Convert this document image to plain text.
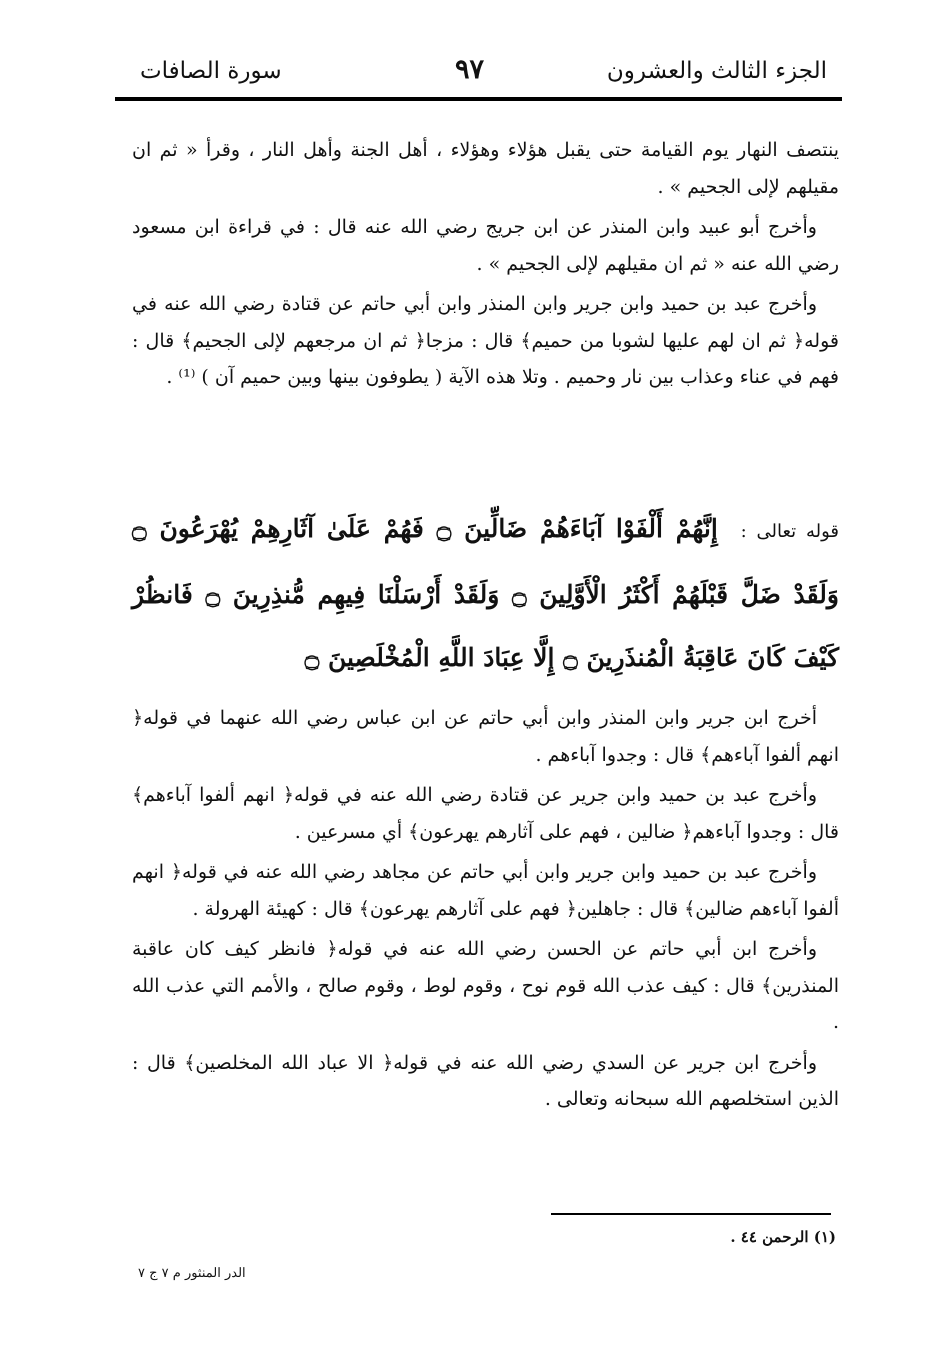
الجزء الثالث والعشرون
٩٧
سورة الصافات

ينتصف النهار يوم القيامة حتى يقبل هؤلاء وهؤلاء ، أهل الجنة وأهل النار ، وقرأ « ثم ان مقيلهم لإلى الجحيم » .

وأخرج أبو عبيد وابن المنذر عن ابن جريج رضي الله عنه قال : في قراءة ابن مسعود رضي الله عنه « ثم ان مقيلهم لإلى الجحيم » .

وأخرج عبد بن حميد وابن جرير وابن المنذر وابن أبي حاتم عن قتادة رضي الله عنه في قوله﴿ ثم ان لهم عليها لشوبا من حميم﴾ قال : مزجا﴿ ثم ان مرجعهم لإلى الجحيم﴾ قال : فهم في عناء وعذاب بين نار وحميم . وتلا هذه الآية ( يطوفون بينها وبين حميم آن ) ⁽¹⁾ .

قوله تعالى : إِنَّهُمْ أَلْفَوْا آبَاءَهُمْ ضَالِّينَ ۝ فَهُمْ عَلَىٰ آثَارِهِمْ يُهْرَعُونَ ۝ وَلَقَدْ ضَلَّ قَبْلَهُمْ أَكْثَرُ الْأَوَّلِينَ ۝ وَلَقَدْ أَرْسَلْنَا فِيهِم مُّنذِرِينَ ۝ فَانظُرْ كَيْفَ كَانَ عَاقِبَةُ الْمُنذَرِينَ ۝ إِلَّا عِبَادَ اللَّهِ الْمُخْلَصِينَ ۝

أخرج ابن جرير وابن المنذر وابن أبي حاتم عن ابن عباس رضي الله عنهما في قوله﴿ انهم ألفوا آباءهم﴾ قال : وجدوا آباءهم .

وأخرج عبد بن حميد وابن جرير عن قتادة رضي الله عنه في قوله﴿ انهم ألفوا آباءهم﴾ قال : وجدوا آباءهم﴿ ضالين ، فهم على آثارهم يهرعون﴾ أي مسرعين .

وأخرج عبد بن حميد وابن جرير وابن أبي حاتم عن مجاهد رضي الله عنه في قوله﴿ انهم ألفوا آباءهم ضالين﴾ قال : جاهلين﴿ فهم على آثارهم يهرعون﴾ قال : كهيئة الهرولة .

وأخرج ابن أبي حاتم عن الحسن رضي الله عنه في قوله﴿ فانظر كيف كان عاقبة المنذرين﴾ قال : كيف عذب الله قوم نوح ، وقوم لوط ، وقوم صالح ، والأمم التي عذب الله .

وأخرج ابن جرير عن السدي رضي الله عنه في قوله﴿ الا عباد الله المخلصين﴾ قال : الذين استخلصهم الله سبحانه وتعالى .

(١) الرحمن ٤٤ .
الدر المنثور م ٧ ج ٧
